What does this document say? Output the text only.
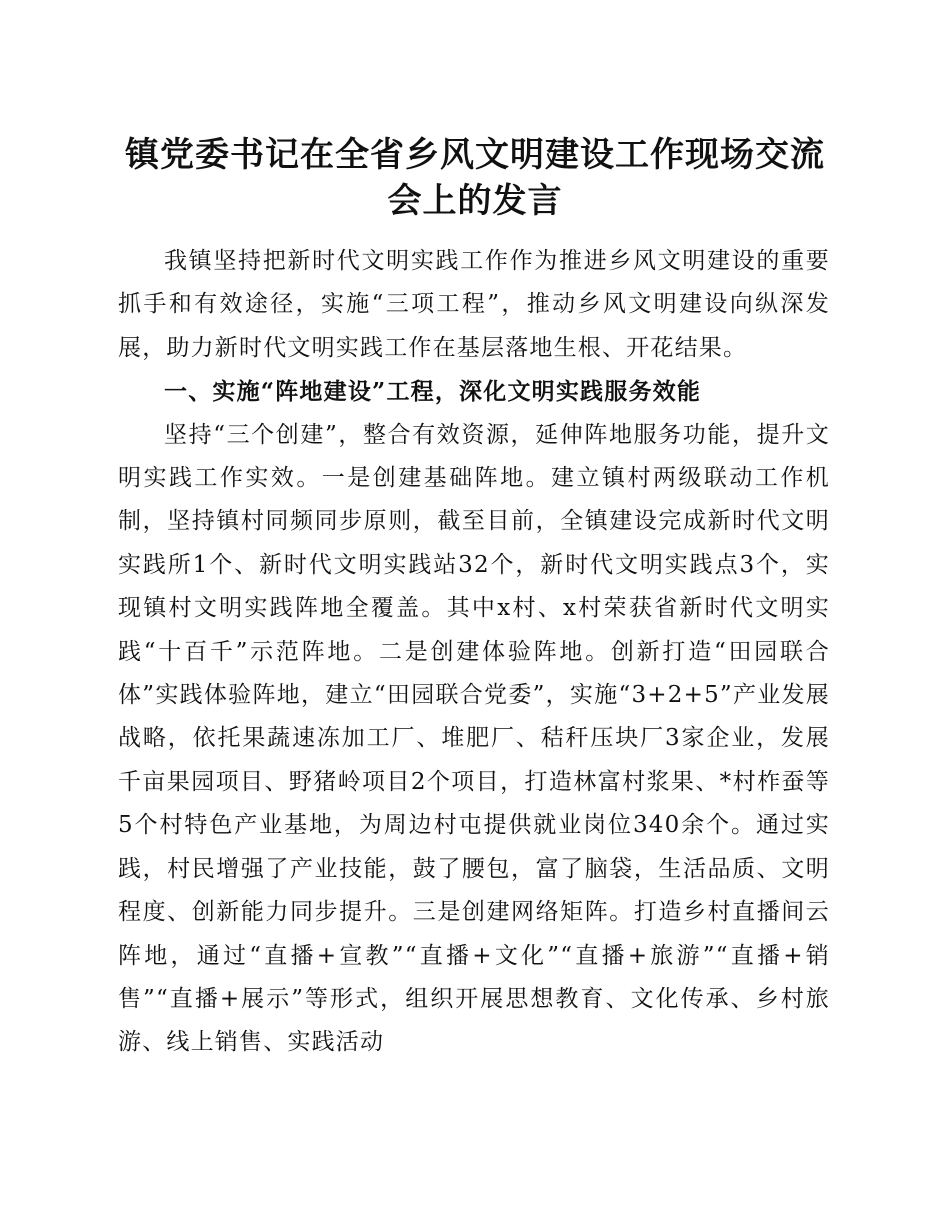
镇党委书记在全省乡风文明建设工作现场交流
会上的发言

我镇坚持把新时代文明实践工作作为推进乡风文明建设的重要抓手和有效途径，实施“三项工程”，推动乡风文明建设向纵深发展，助力新时代文明实践工作在基层落地生根、开花结果。

一、实施“阵地建设”工程，深化文明实践服务效能

坚持“三个创建”，整合有效资源，延伸阵地服务功能，提升文明实践工作实效。一是创建基础阵地。建立镇村两级联动工作机制，坚持镇村同频同步原则，截至目前，全镇建设完成新时代文明实践所1个、新时代文明实践站32个，新时代文明实践点3个，实现镇村文明实践阵地全覆盖。其中x村、x村荣获省新时代文明实践“十百千”示范阵地。二是创建体验阵地。创新打造“田园联合体”实践体验阵地，建立“田园联合党委”，实施“3+2+5”产业发展战略，依托果蔬速冻加工厂、堆肥厂、秸秆压块厂3家企业，发展千亩果园项目、野猪岭项目2个项目，打造林富村浆果、*村柞蚕等5个村特色产业基地，为周边村屯提供就业岗位340余个。通过实践，村民增强了产业技能，鼓了腰包，富了脑袋，生活品质、文明程度、创新能力同步提升。三是创建网络矩阵。打造乡村直播间云阵地，通过“直播+宣教”“直播+文化”“直播+旅游”“直播+销售”“直播+展示”等形式，组织开展思想教育、文化传承、乡村旅游、线上销售、实践活动
